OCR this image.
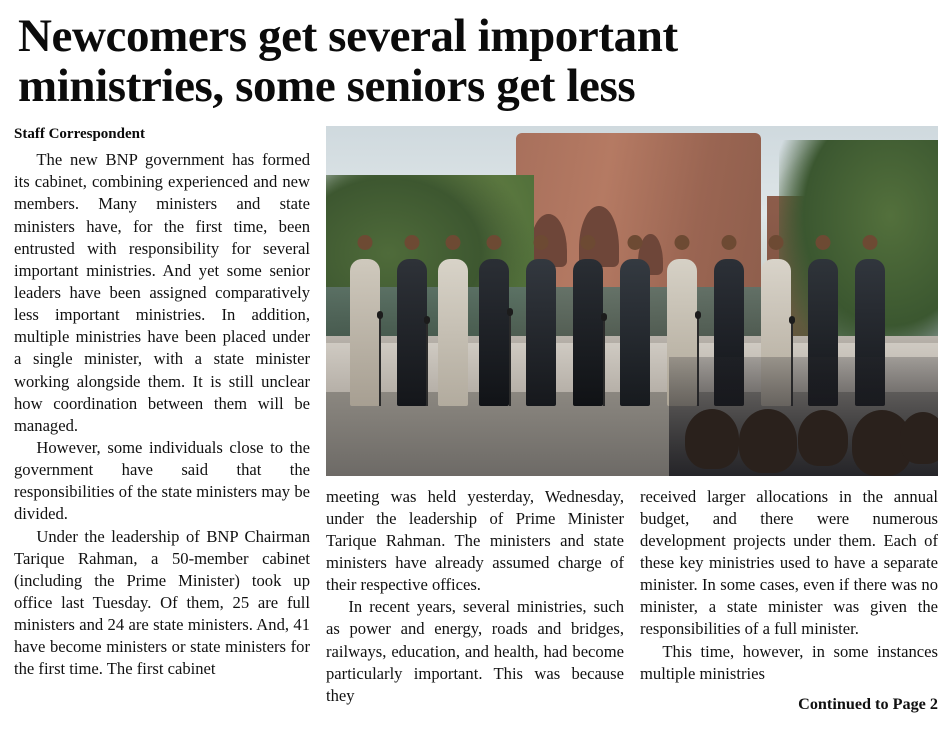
Newcomers get several important
ministries, some seniors get less
Staff Correspondent

The new BNP government has formed its cabinet, combining experienced and new members. Many ministers and state ministers have, for the first time, been entrusted with responsibility for several important ministries. And yet some senior leaders have been assigned comparatively less important ministries. In addition, multiple ministries have been placed under a single minister, with a state minister working alongside them. It is still unclear how coordination between them will be managed.

However, some individuals close to the government have said that the responsibilities of the state ministers may be divided.

Under the leadership of BNP Chairman Tarique Rahman, a 50-member cabinet (including the Prime Minister) took up office last Tuesday. Of them, 25 are full ministers and 24 are state ministers. And, 41 have become ministers or state ministers for the first time. The first cabinet

meeting was held yesterday, Wednesday, under the leadership of Prime Minister Tarique Rahman. The ministers and state ministers have already assumed charge of their respective offices.

In recent years, several ministries, such as power and energy, roads and bridges, railways, education, and health, had become particularly important. This was because they

received larger allocations in the annual budget, and there were numerous development projects under them. Each of these key ministries used to have a separate minister. In some cases, even if there was no minister, a state minister was given the responsibilities of a full minister.

This time, however, in some instances multiple ministries

Continued to Page 2
